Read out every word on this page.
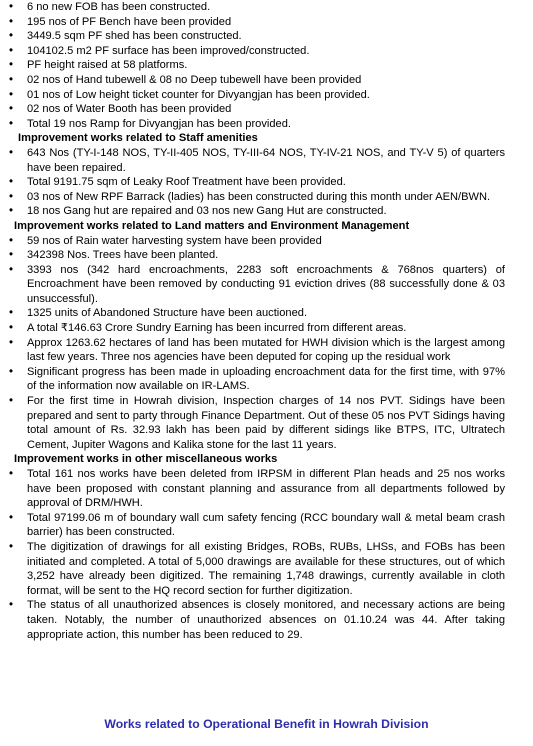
• 6 no new FOB has been constructed.
• 195 nos of PF Bench have been provided
• 3449.5 sqm PF shed has been constructed.
• 104102.5 m2 PF surface has been improved/constructed.
• PF height raised at 58 platforms.
• 02 nos of Hand tubewell & 08 no Deep tubewell have been provided
• 01 nos of Low height ticket counter for Divyangjan has been provided.
• 02 nos of Water Booth has been provided
• Total 19 nos Ramp for Divyangjan has been provided.
Improvement works related to Staff amenities
• 643 Nos (TY-I-148 NOS, TY-II-405 NOS, TY-III-64 NOS, TY-IV-21 NOS, and TY-V 5) of quarters have been repaired.
• Total 9191.75 sqm of Leaky Roof Treatment have been provided.
• 03 nos of New RPF Barrack (ladies) has been constructed during this month under AEN/BWN.
• 18 nos Gang hut are repaired and 03 nos new Gang Hut are constructed.
Improvement works related to Land matters and Environment Management
• 59 nos of Rain water harvesting system have been provided
• 342398 Nos. Trees have been planted.
• 3393 nos (342 hard encroachments, 2283 soft encroachments & 768nos quarters) of Encroachment have been removed by conducting 91 eviction drives (88 successfully done & 03 unsuccessful).
• 1325 units of Abandoned Structure have been auctioned.
• A total ₹146.63 Crore Sundry Earning has been incurred from different areas.
• Approx 1263.62 hectares of land has been mutated for HWH division which is the largest among last few years. Three nos agencies have been deputed for coping up the residual work
• Significant progress has been made in uploading encroachment data for the first time, with 97% of the information now available on IR-LAMS.
• For the first time in Howrah division, Inspection charges of 14 nos PVT. Sidings have been prepared and sent to party through Finance Department. Out of these 05 nos PVT Sidings having total amount of Rs. 32.93 lakh has been paid by different sidings like BTPS, ITC, Ultratech Cement, Jupiter Wagons and Kalika stone for the last 11 years.
Improvement works in other miscellaneous works
• Total 161 nos works have been deleted from IRPSM in different Plan heads and 25 nos works have been proposed with constant planning and assurance from all departments followed by approval of DRM/HWH.
• Total 97199.06 m of boundary wall cum safety fencing (RCC boundary wall & metal beam crash barrier) has been constructed.
• The digitization of drawings for all existing Bridges, ROBs, RUBs, LHSs, and FOBs has been initiated and completed. A total of 5,000 drawings are available for these structures, out of which 3,252 have already been digitized. The remaining 1,748 drawings, currently available in cloth format, will be sent to the HQ record section for further digitization.
• The status of all unauthorized absences is closely monitored, and necessary actions are being taken. Notably, the number of unauthorized absences on 01.10.24 was 44. After taking appropriate action, this number has been reduced to 29.
Works related to Operational Benefit in Howrah Division
